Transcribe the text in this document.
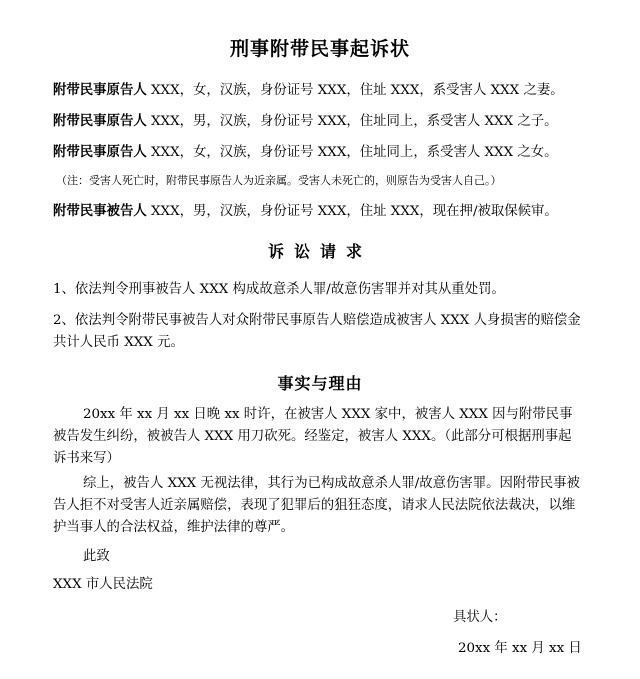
刑事附带民事起诉状
附带民事原告人 XXX，女，汉族，身份证号 XXX，住址 XXX，系受害人 XXX 之妻。
附带民事原告人 XXX，男，汉族，身份证号 XXX，住址同上，系受害人 XXX 之子。
附带民事原告人 XXX，女，汉族，身份证号 XXX，住址同上，系受害人 XXX 之女。
（注：受害人死亡时，附带民事原告人为近亲属。受害人未死亡的，则原告为受害人自己。）
附带民事被告人 XXX，男，汉族，身份证号 XXX，住址 XXX，现在押/被取保候审。
诉讼请求
1、依法判令刑事被告人 XXX 构成故意杀人罪/故意伤害罪并对其从重处罚。
2、依法判令附带民事被告人对众附带民事原告人赔偿造成被害人 XXX 人身损害的赔偿金共计人民币 XXX 元。
事实与理由
20xx 年 xx 月 xx 日晚 xx 时许，在被害人 XXX 家中，被害人 XXX 因与附带民事被告发生纠纷，被被告人 XXX 用刀砍死。经鉴定，被害人 XXX。（此部分可根据刑事起诉书来写）
综上，被告人 XXX 无视法律，其行为已构成故意杀人罪/故意伤害罪。因附带民事被告人拒不对受害人近亲属赔偿，表现了犯罪后的狙狂态度，请求人民法院依法裁决，以维护当事人的合法权益，维护法律的尊严。
此致
XXX 市人民法院
具状人：
20xx 年 xx 月 xx 日
